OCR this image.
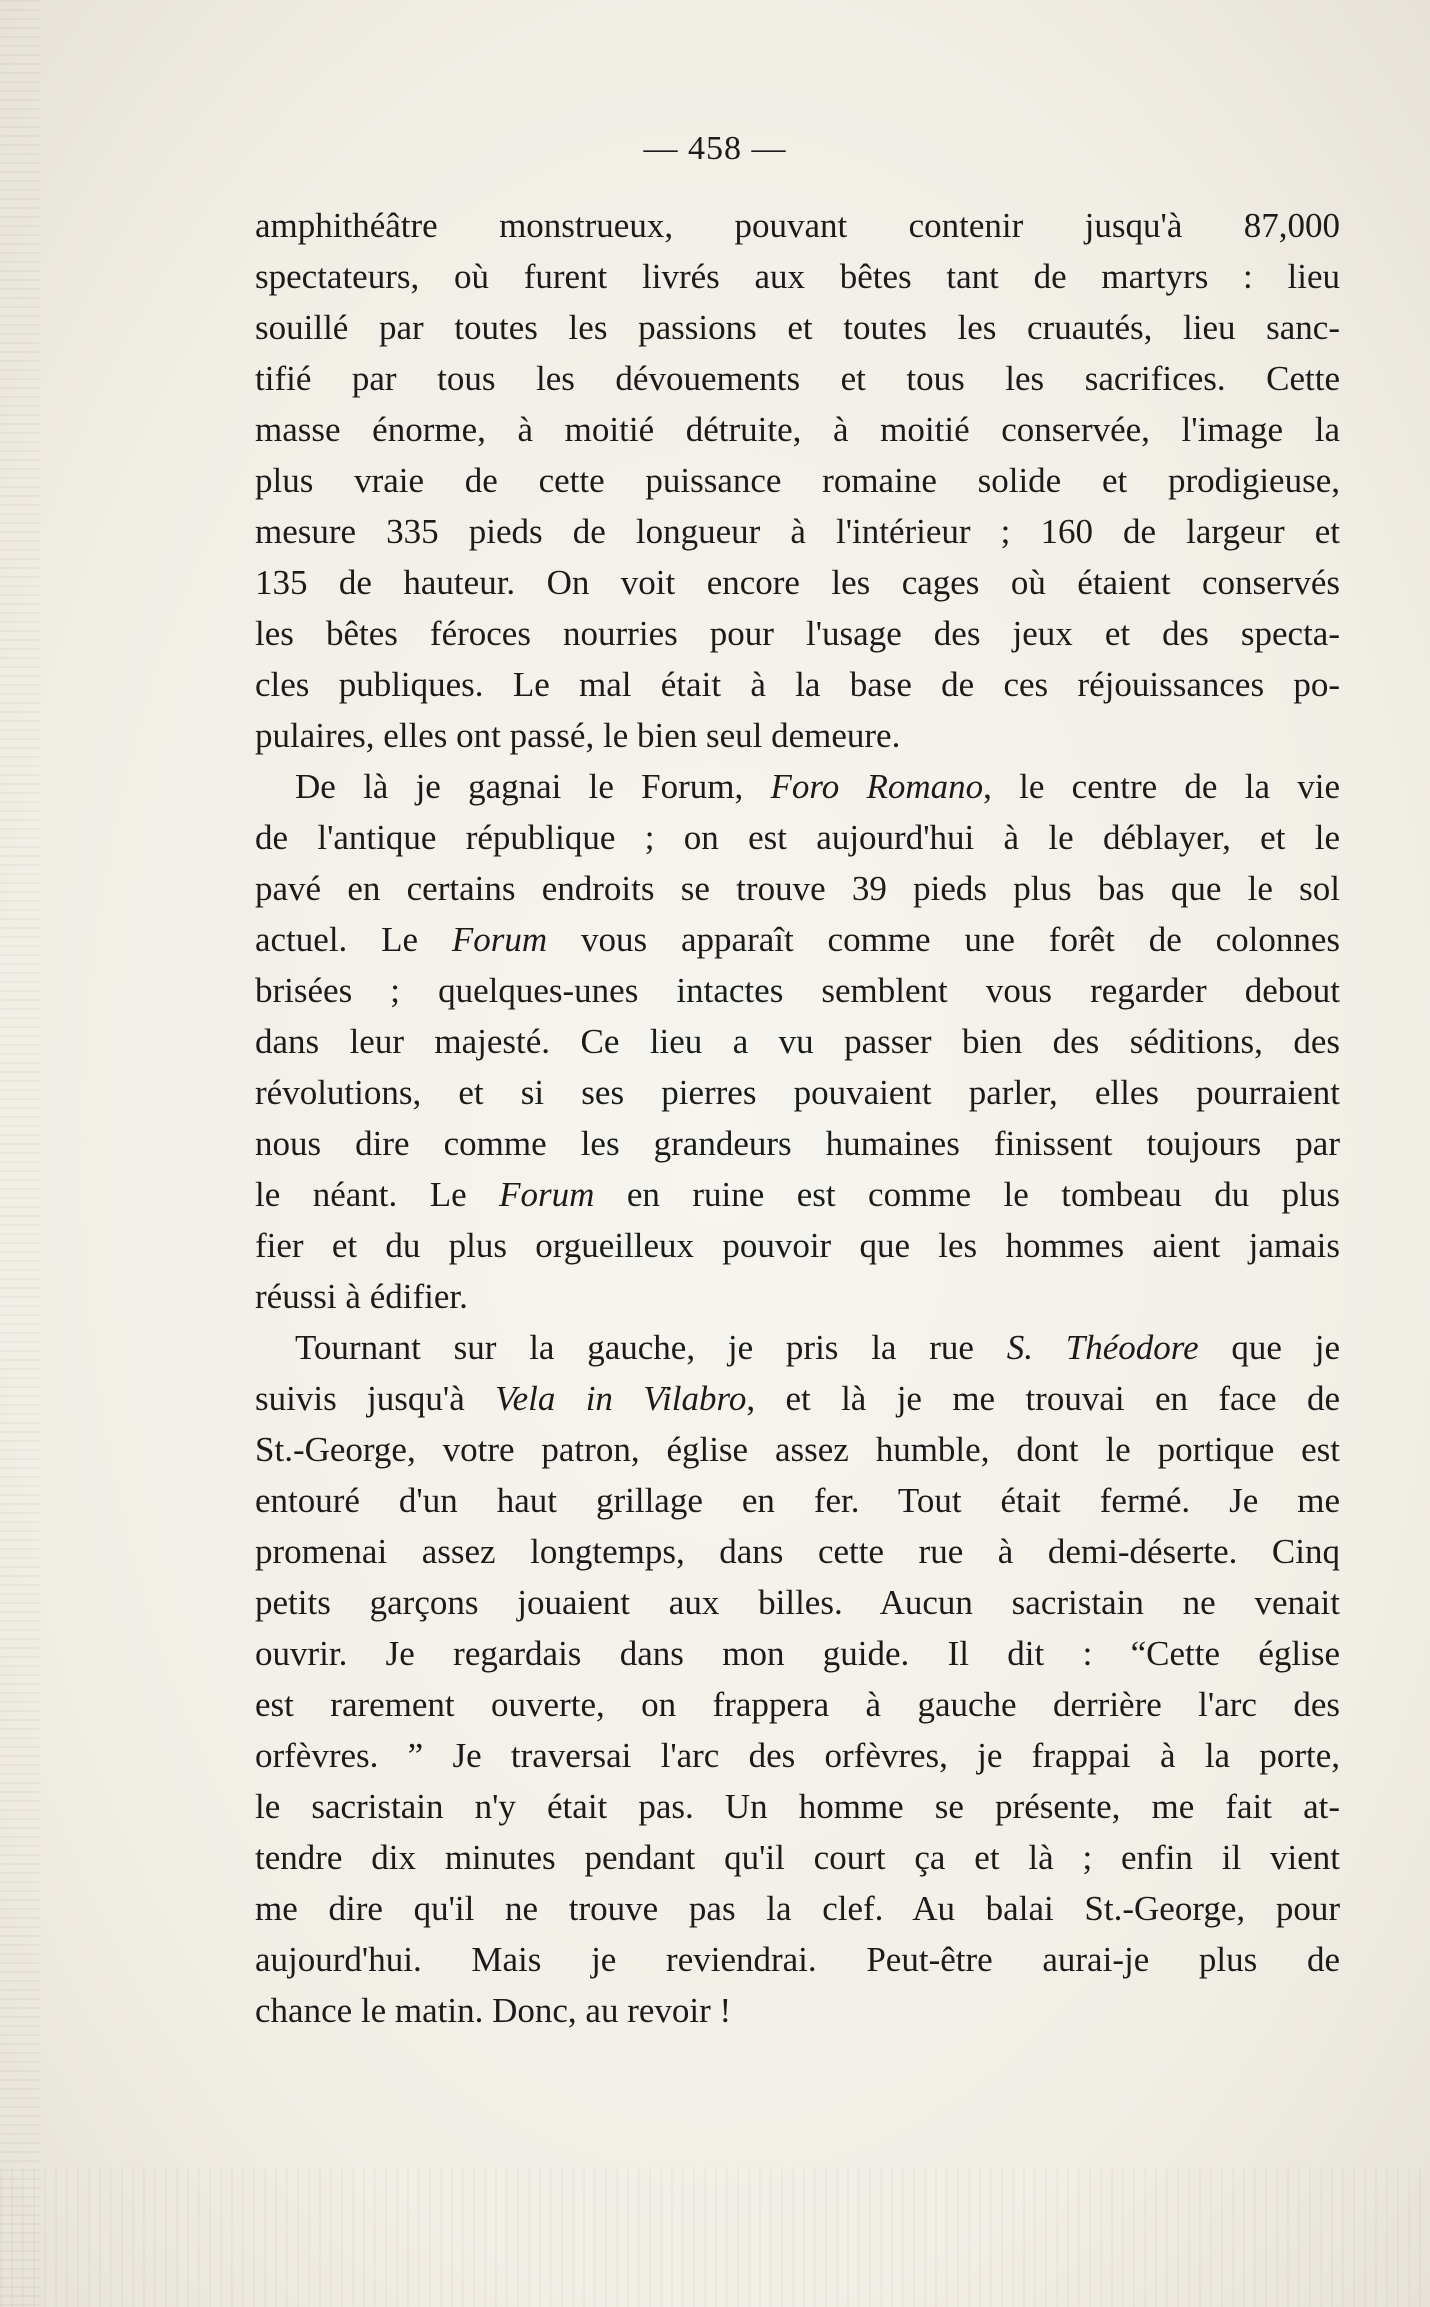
— 458 —
amphithéâtre monstrueux, pouvant contenir jusqu'à 87,000
spectateurs, où furent livrés aux bêtes tant de martyrs : lieu
souillé par toutes les passions et toutes les cruautés, lieu sanc-
tifié par tous les dévouements et tous les sacrifices. Cette
masse énorme, à moitié détruite, à moitié conservée, l'image la
plus vraie de cette puissance romaine solide et prodigieuse,
mesure 335 pieds de longueur à l'intérieur ; 160 de largeur et
135 de hauteur. On voit encore les cages où étaient conservés
les bêtes féroces nourries pour l'usage des jeux et des specta-
cles publiques. Le mal était à la base de ces réjouissances po-
pulaires, elles ont passé, le bien seul demeure.
De là je gagnai le Forum, Foro Romano, le centre de la vie
de l'antique république ; on est aujourd'hui à le déblayer, et le
pavé en certains endroits se trouve 39 pieds plus bas que le sol
actuel. Le Forum vous apparaît comme une forêt de colonnes
brisées ; quelques-unes intactes semblent vous regarder debout
dans leur majesté. Ce lieu a vu passer bien des séditions, des
révolutions, et si ses pierres pouvaient parler, elles pourraient
nous dire comme les grandeurs humaines finissent toujours par
le néant. Le Forum en ruine est comme le tombeau du plus
fier et du plus orgueilleux pouvoir que les hommes aient jamais
réussi à édifier.
Tournant sur la gauche, je pris la rue S. Théodore que je
suivis jusqu'à Vela in Vilabro, et là je me trouvai en face de
St.-George, votre patron, église assez humble, dont le portique est
entouré d'un haut grillage en fer. Tout était fermé. Je me
promenai assez longtemps, dans cette rue à demi-déserte. Cinq
petits garçons jouaient aux billes. Aucun sacristain ne venait
ouvrir. Je regardais dans mon guide. Il dit : “Cette église
est rarement ouverte, on frappera à gauche derrière l'arc des
orfèvres. ” Je traversai l'arc des orfèvres, je frappai à la porte,
le sacristain n'y était pas. Un homme se présente, me fait at-
tendre dix minutes pendant qu'il court ça et là ; enfin il vient
me dire qu'il ne trouve pas la clef. Au balai St.-George, pour
aujourd'hui. Mais je reviendrai. Peut-être aurai-je plus de
chance le matin. Donc, au revoir !
